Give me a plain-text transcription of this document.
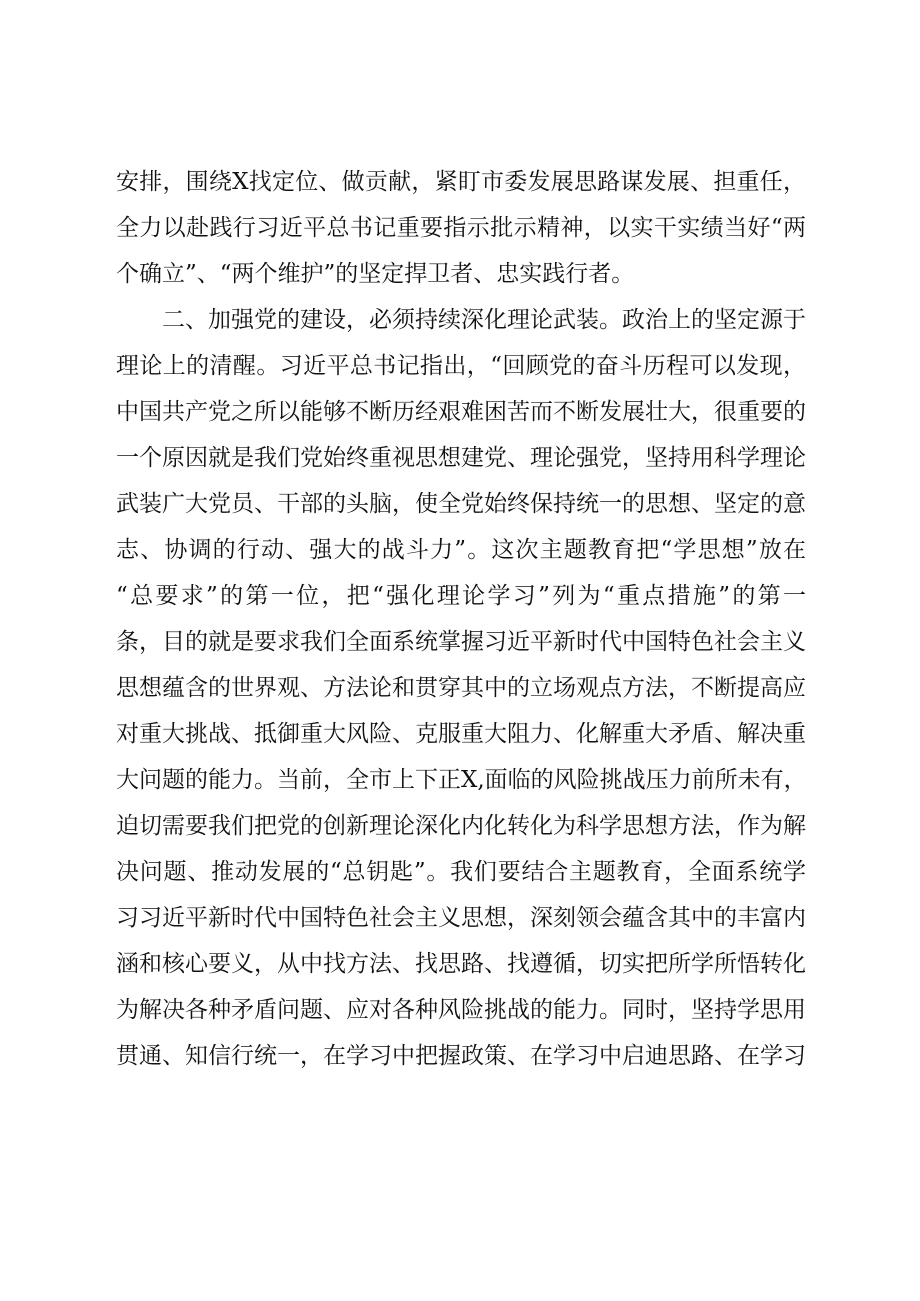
安排，围绕X找定位、做贡献，紧盯市委发展思路谋发展、担重任，
全力以赴践行习近平总书记重要指示批示精神，以实干实绩当好“两
个确立”、“两个维护”的坚定捍卫者、忠实践行者。
　　二、加强党的建设，必须持续深化理论武装。政治上的坚定源于
理论上的清醒。习近平总书记指出，“回顾党的奋斗历程可以发现，
中国共产党之所以能够不断历经艰难困苦而不断发展壮大，很重要的
一个原因就是我们党始终重视思想建党、理论强党，坚持用科学理论
武装广大党员、干部的头脑，使全党始终保持统一的思想、坚定的意
志、协调的行动、强大的战斗力”。这次主题教育把“学思想”放在
“总要求”的第一位，把“强化理论学习”列为“重点措施”的第一
条，目的就是要求我们全面系统掌握习近平新时代中国特色社会主义
思想蕴含的世界观、方法论和贯穿其中的立场观点方法，不断提高应
对重大挑战、抵御重大风险、克服重大阻力、化解重大矛盾、解决重
大问题的能力。当前，全市上下正X,面临的风险挑战压力前所未有，
迫切需要我们把党的创新理论深化内化转化为科学思想方法，作为解
决问题、推动发展的“总钥匙”。我们要结合主题教育，全面系统学
习习近平新时代中国特色社会主义思想，深刻领会蕴含其中的丰富内
涵和核心要义，从中找方法、找思路、找遵循，切实把所学所悟转化
为解决各种矛盾问题、应对各种风险挑战的能力。同时，坚持学思用
贯通、知信行统一，在学习中把握政策、在学习中启迪思路、在学习
